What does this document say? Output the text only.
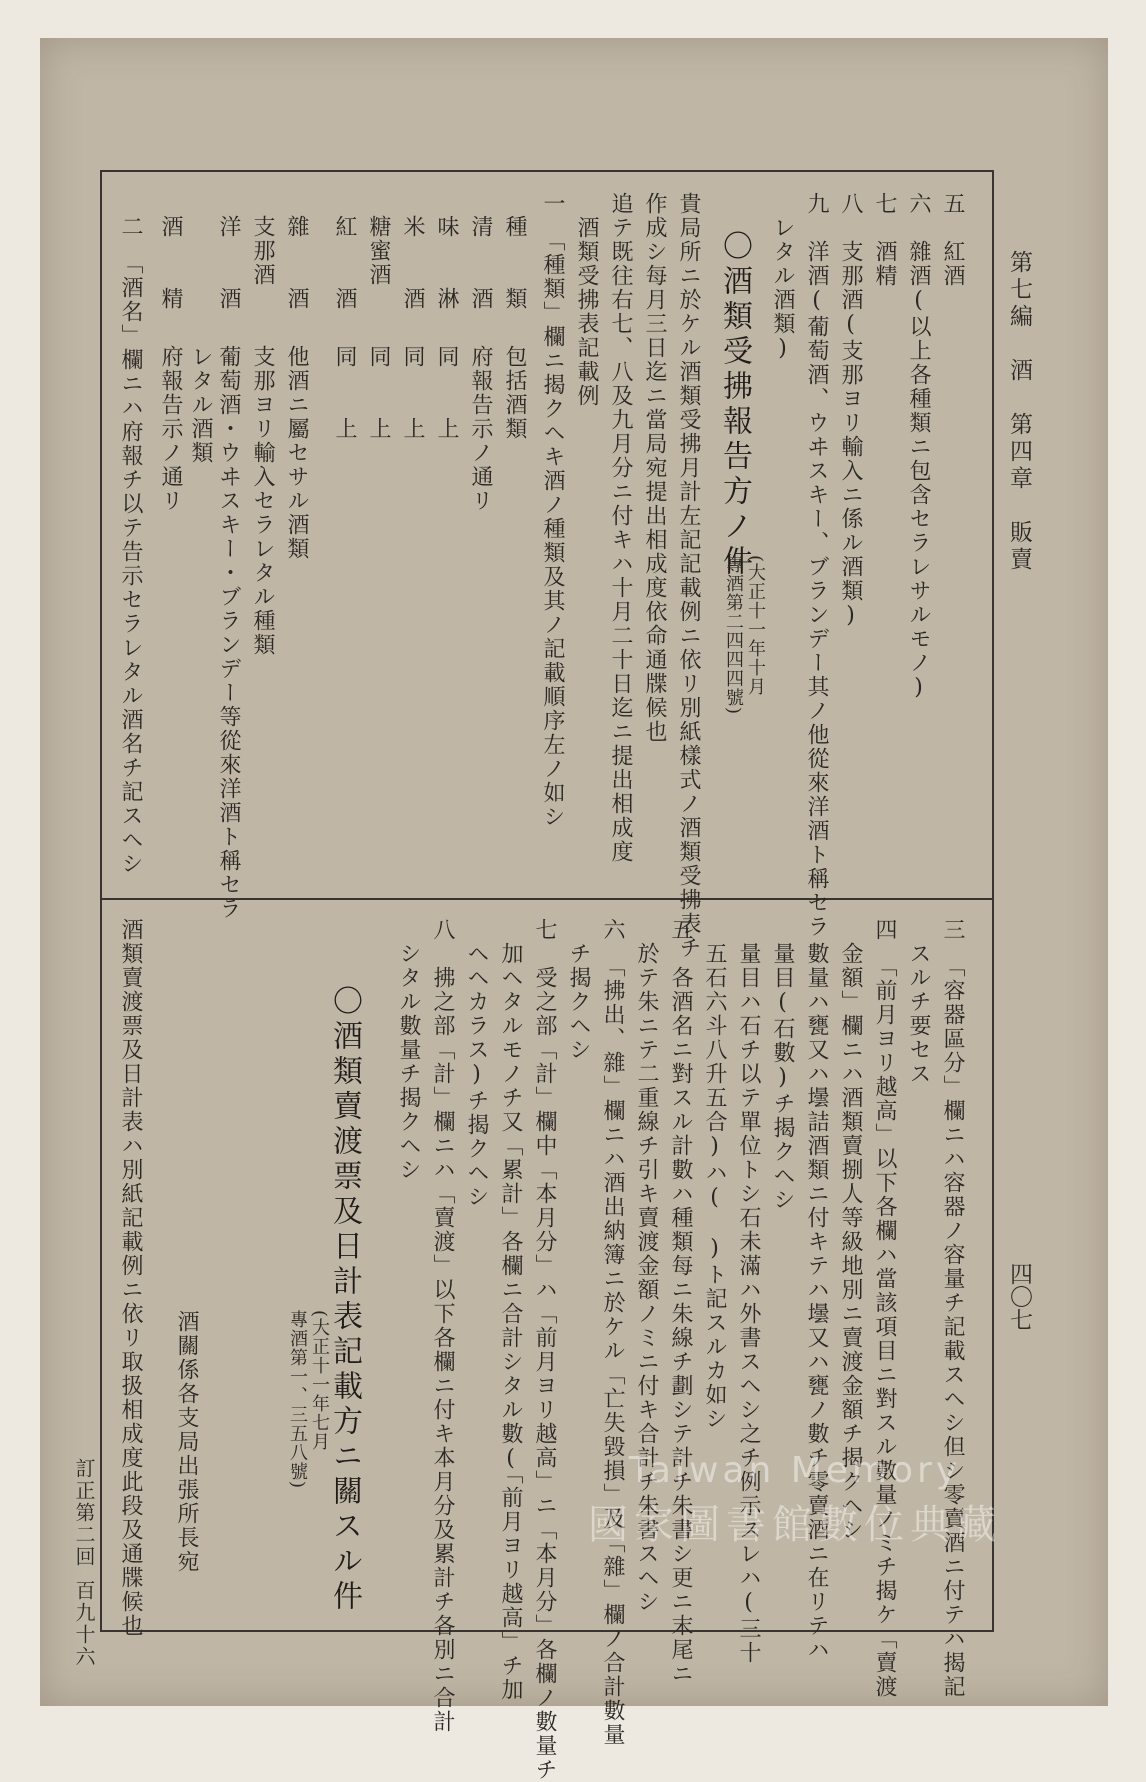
第七編　酒　第四章　販賣
四〇七
訂正第二回
百九十六
五　紅酒
六　雜酒(以上各種類ニ包含セラレサルモノ)
七　酒精
八　支那酒(支那ヨリ輸入ニ係ル酒類)
九　洋酒(葡萄酒、ウヰスキー、ブランデー其ノ他從來洋酒ト稱セラ
　レタル酒類)
〇酒類受拂報告方ノ件
(大正十一年十月
專酒第二四四四號)
貴局所ニ於ケル酒類受拂月計左記記載例ニ依リ別紙樣式ノ酒類受拂表チ
作成シ每月三日迄ニ當局宛提出相成度依命通牒候也
追テ既往右七、八及九月分ニ付キハ十月二十日迄ニ提出相成度
　酒類受拂表記載例
一　「種類」欄ニ揭クヘキ酒ノ種類及其ノ記載順序左ノ如シ
種　　類
包括酒類
清　　酒
府報告示ノ通リ
味　　淋
同　　上
米　　酒
同　　上
糖蜜酒
同　　上
紅　　酒
同　　上
雜　　酒
他酒ニ屬セサル酒類
支那酒
支那ヨリ輸入セラレタル種類
洋　　酒
葡萄酒・ウヰスキー・ブランデー等從來洋酒ト稱セラ
レタル酒類
酒　　精
府報告示ノ通リ
二　「酒名」欄ニハ府報チ以テ告示セラレタル酒名チ記スヘシ
三　「容器區分」欄ニハ容器ノ容量チ記載スヘシ但シ零賣酒ニ付テハ揭記
　スルチ要セス
四　「前月ヨリ越高」以下各欄ハ當該項目ニ對スル數量ノミチ揭ケ「賣渡
　金額」欄ニハ酒類賣捌人等級地別ニ賣渡金額チ揭クヘシ
　數量ハ甕又ハ壜詰酒類ニ付キテハ壜又ハ甕ノ數チ零賣酒ニ在リテハ
　量目(石數)チ揭クヘシ
　量目ハ石チ以テ單位トシ石未滿ハ外書スヘシ之チ例示スレハ(三十
　五石六斗八升五合)ハ(　)ト記スルカ如シ
五　各酒名ニ對スル計數ハ種類每ニ朱線チ劃シテ計チ朱書シ更ニ末尾ニ
　於テ朱ニテ二重線チ引キ賣渡金額ノミニ付キ合計チ朱書スヘシ
六　「拂出、雜」欄ニハ酒出納簿ニ於ケル「亡失毀損」及「雜」欄ノ合計數量
　チ揭クヘシ
七　受之部「計」欄中「本月分」ハ「前月ヨリ越高」ニ「本月分」各欄ノ數量チ
　加ヘタルモノチ又「累計」各欄ニ合計シタル數(「前月ヨリ越高」チ加
　ヘヘカラス)チ揭クヘシ
八　拂之部「計」欄ニハ「賣渡」以下各欄ニ付キ本月分及累計チ各別ニ合計
　シタル數量チ揭クヘシ
〇酒類賣渡票及日計表記載方ニ關スル件
(大正十一年七月
專酒第一、三五八號)
酒關係各支局出張所長宛
酒類賣渡票及日計表ハ別紙記載例ニ依リ取扱相成度此段及通牒候也	Taiwan Memory
國家圖書館數位典藏
